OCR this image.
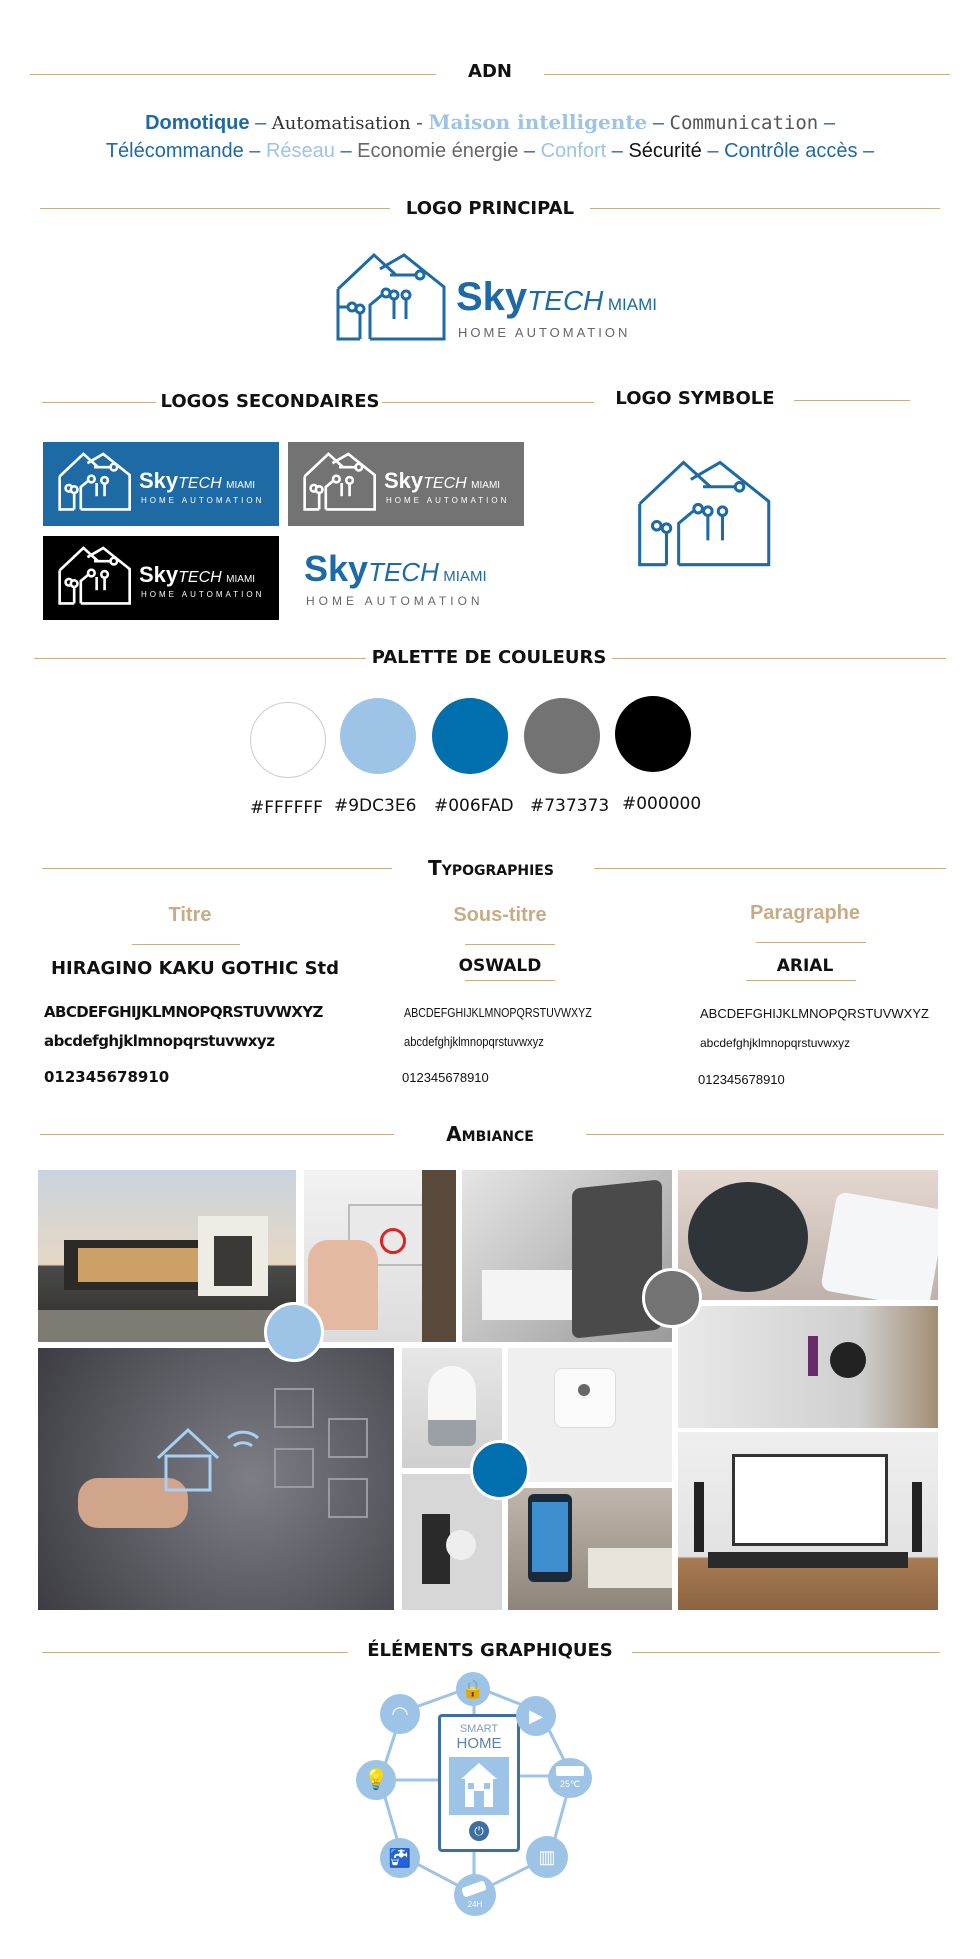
ADN
Domotique – Automatisation - Maison intelligente – Communication –
Télécommande – Réseau – Economie énergie – Confort – Sécurité – Contrôle accès –
LOGO PRINCIPAL
SkyTECH MIAMI
HOME AUTOMATION
LOGOS SECONDAIRES	LOGO SYMBOLE
SkyTECH MIAMI
HOME AUTOMATION
SkyTECH MIAMI
HOME AUTOMATION
SkyTECH MIAMI
HOME AUTOMATION
SkyTECH MIAMI
HOME AUTOMATION
PALETTE DE COULEURS
#FFFFFF #9DC3E6 #006FAD #737373 #000000
Typographies
Titre
HIRAGINO KAKU GOTHIC Std
ABCDEFGHIJKLMNOPQRSTUVWXYZ
abcdefghjklmnopqrstuvwxyz
012345678910
Sous-titre
OSWALD
ABCDEFGHIJKLMNOPQRSTUVWXYZ
abcdefghjklmnopqrstuvwxyz
012345678910
Paragraphe
ARIAL
ABCDEFGHIJKLMNOPQRSTUVWXYZ
abcdefghjklmnopqrstuvwxyz
012345678910
Ambiance
ÉLÉMENTS GRAPHIQUES
SMART
HOME
⏻
🔒
▶
◠
💡	25℃
🚰	▥
24H
